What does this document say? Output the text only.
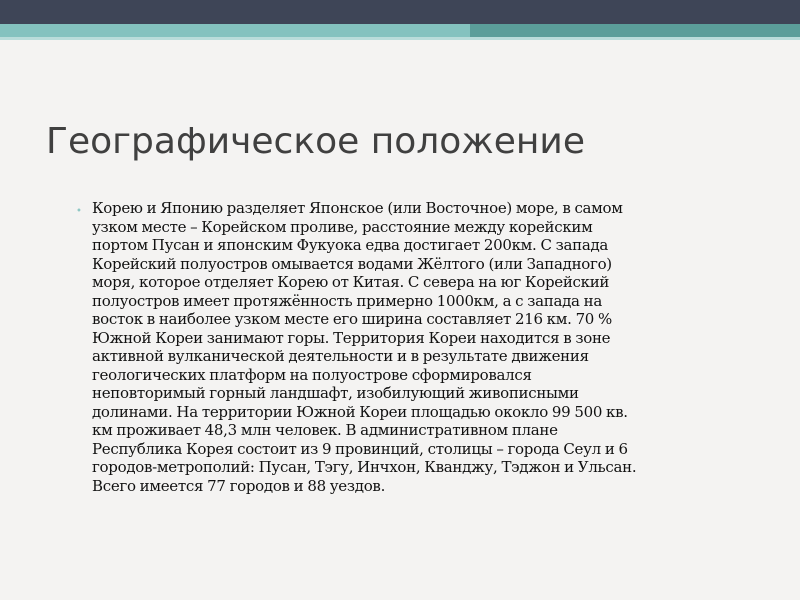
Географическое положение
• Корею и Японию разделяет Японское (или Восточное) море, в самом
узком месте – Корейском проливе, расстояние между корейским
портом Пусан и японским Фукуока едва достигает 200км. С запада
Корейский полуостров омывается водами Жёлтого (или Западного)
моря, которое отделяет Корею от Китая. С севера на юг Корейский
полуостров имеет протяжённость примерно 1000км, а с запада на
восток в наиболее узком месте его ширина составляет 216 км. 70 %
Южной Кореи занимают горы. Территория Кореи находится в зоне
активной вулканической деятельности и в результате движения
геологических платформ на полуострове сформировался
неповторимый горный ландшафт, изобилующий живописными
долинами. На территории Южной Кореи площадью ококло 99 500 кв.
км проживает 48,3 млн человек. В административном плане
Республика Корея состоит из 9 провинций, столицы – города Сеул и 6
городов-метрополий: Пусан, Тэгу, Инчхон, Кванджу, Тэджон и Ульсан.
Всего имеется 77 городов и 88 уездов.
